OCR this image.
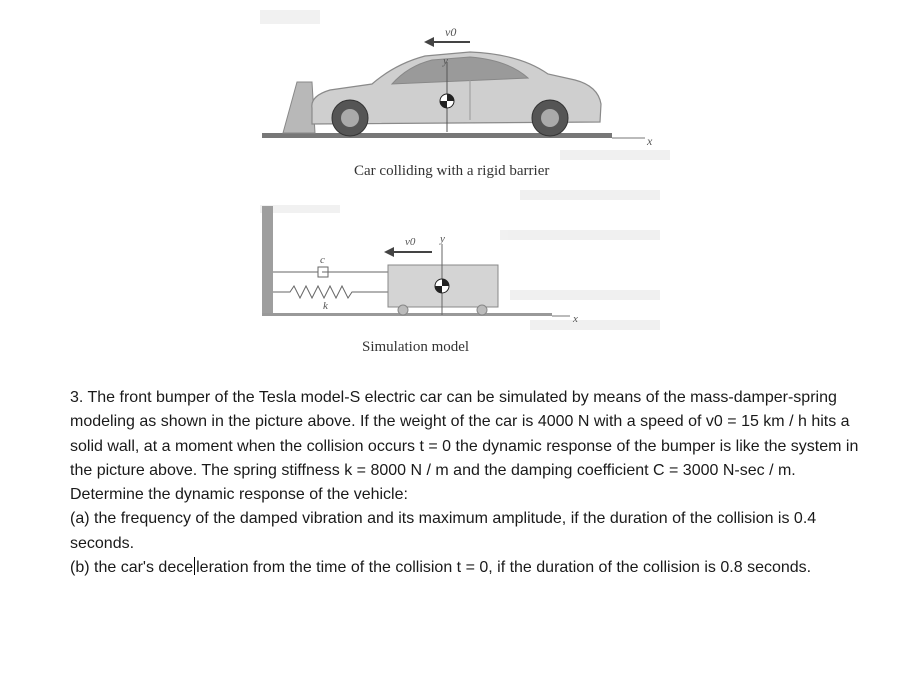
v0
y
x
v0 y
x
c
k
Car colliding with a rigid barrier
Simulation model

3. The front bumper of the Tesla model-S electric car can be simulated by means of the mass-damper-spring modeling as shown in the picture above. If the weight of the car is 4000 N with a speed of v0 = 15 km / h hits a solid wall, at a moment when the collision occurs t = 0 the dynamic response of the bumper is like the system in the picture above. The spring stiffness k = 8000 N / m and the damping coefficient C = 3000 N-sec / m. Determine the dynamic response of the vehicle:

(a) the frequency of the damped vibration and its maximum amplitude, if the duration of the collision is 0.4 seconds.

(b) the car's dece leration from the time of the collision t = 0, if the duration of the collision is 0.8 seconds.
